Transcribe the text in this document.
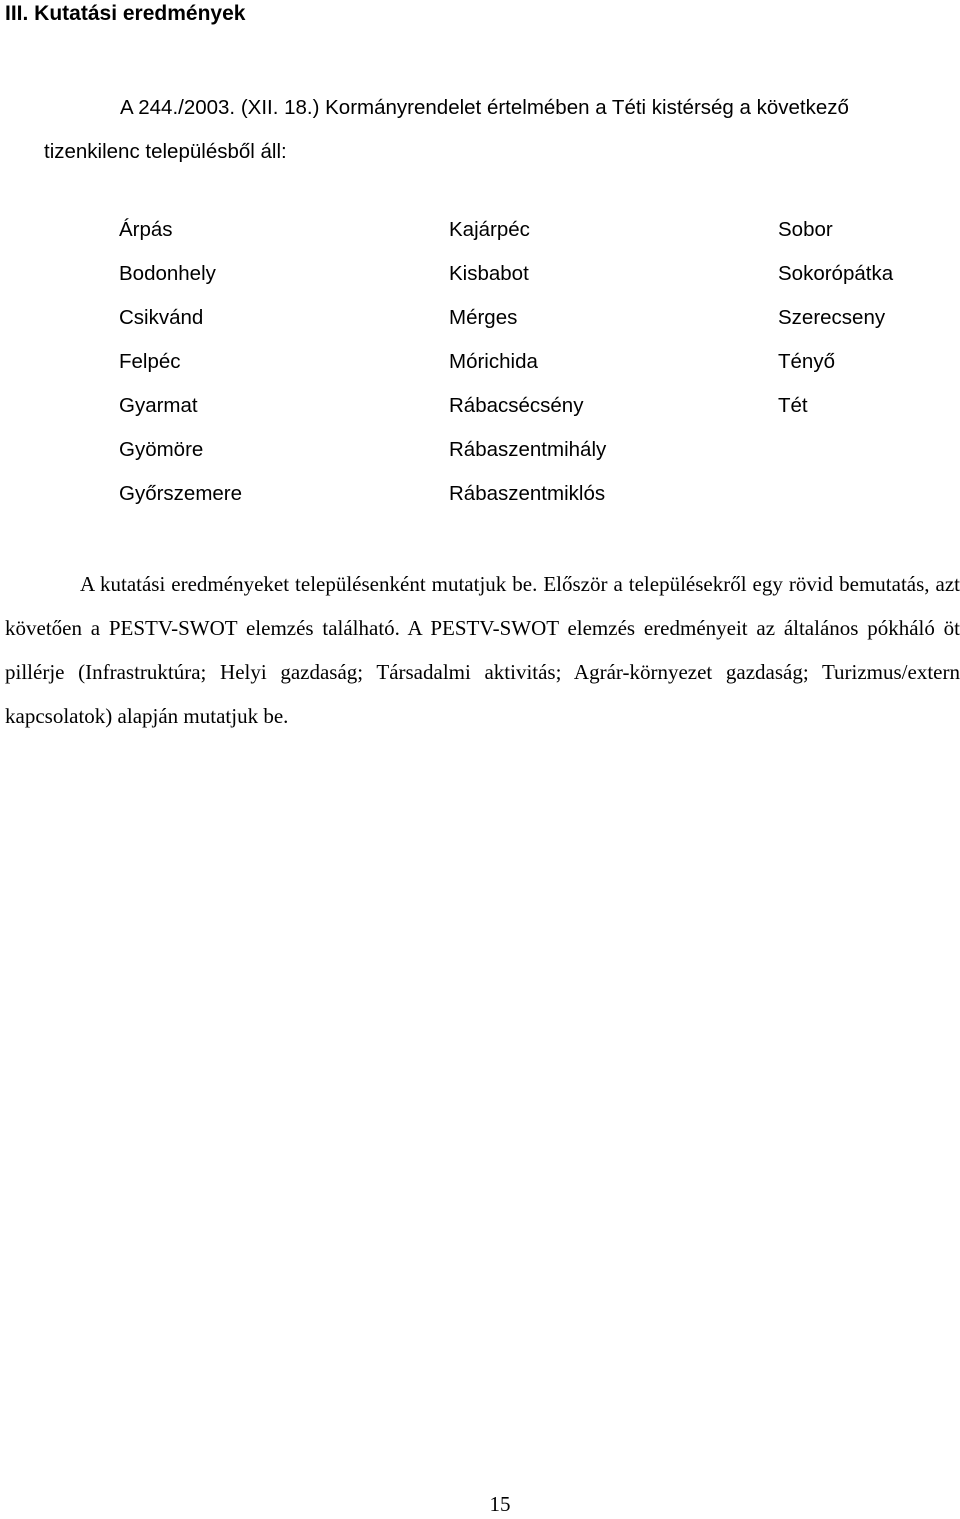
III. Kutatási eredmények

A 244./2003. (XII. 18.) Kormányrendelet értelmében a Téti kistérség a következő
tizenkilenc településből áll:

Árpás
Bodonhely
Csikvánd
Felpéc
Gyarmat
Gyömöre
Győrszemere
Kajárpéc
Kisbabot
Mérges
Mórichida
Rábacsécsény
Rábaszentmihály
Rábaszentmiklós
Sobor
Sokorópátka
Szerecseny
Tényő
Tét

A kutatási eredményeket településenként mutatjuk be. Először a településekről egy rövid bemutatás, azt követően a PESTV-SWOT elemzés található. A PESTV-SWOT elemzés eredményeit az általános pókháló öt pillérje (Infrastruktúra; Helyi gazdaság; Társadalmi aktivitás; Agrár-környezet gazdaság; Turizmus/extern kapcsolatok) alapján mutatjuk be.

15
